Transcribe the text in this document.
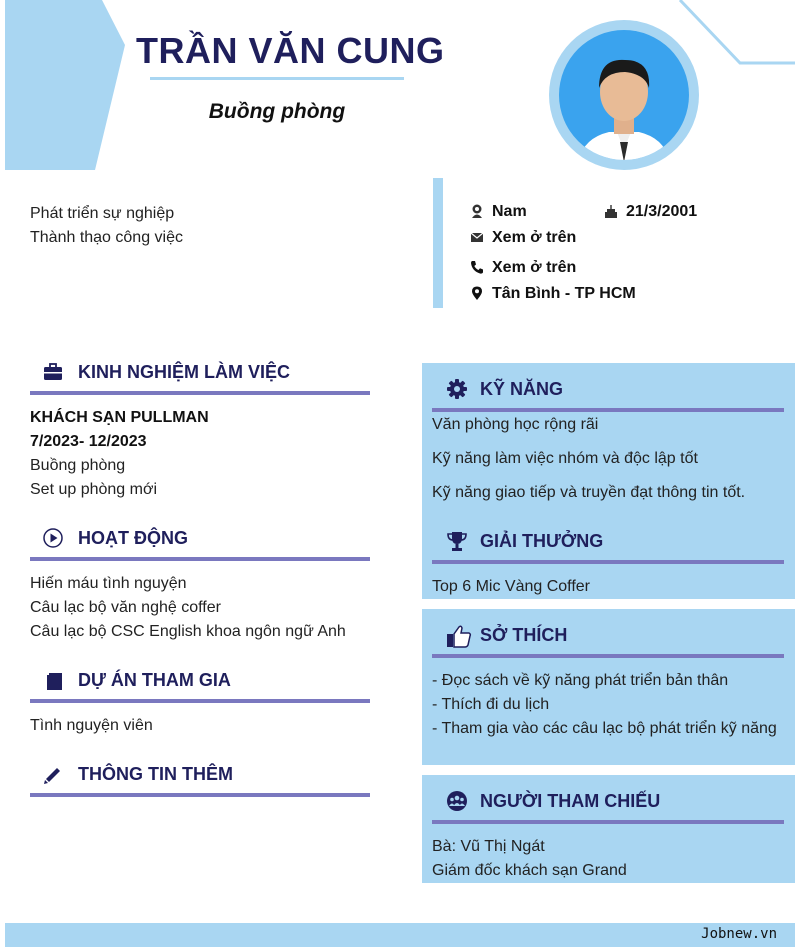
TRẦN VĂN CUNG
Buồng phòng
Phát triển sự nghiệp
Thành thạo công việc
Nam	21/3/2001
Xem ở trên
Xem ở trên
Tân Bình - TP HCM
KINH NGHIỆM LÀM VIỆC
KHÁCH SẠN PULLMAN
7/2023- 12/2023
Buồng phòng
Set up phòng mới
HOẠT ĐỘNG
Hiến máu tình nguyện
Câu lạc bộ văn nghệ coffer
Câu lạc bộ CSC English khoa ngôn ngữ Anh
DỰ ÁN THAM GIA
Tình nguyện viên
THÔNG TIN THÊM
KỸ NĂNG
Văn phòng học rộng rãi
Kỹ năng làm việc nhóm và độc lập tốt
Kỹ năng giao tiếp và truyền đạt thông tin tốt.
GIẢI THƯỞNG
Top 6 Mic Vàng Coffer
SỞ THÍCH
- Đọc sách về kỹ năng phát triển bản thân
- Thích đi du lịch
- Tham gia vào các câu lạc bộ phát triển kỹ năng
NGƯỜI THAM CHIẾU
Bà: Vũ Thị Ngát
Giám đốc khách sạn Grand
Jobnew.vn
